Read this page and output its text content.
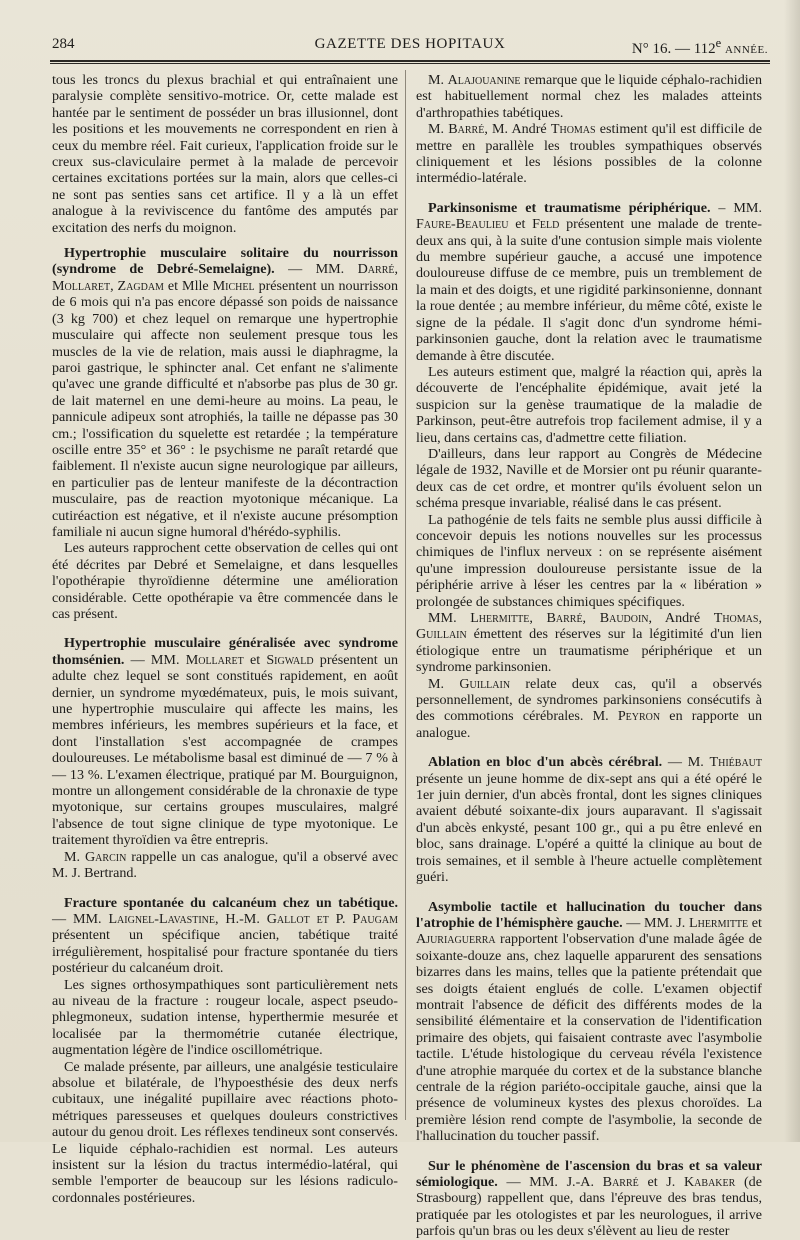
284	GAZETTE DES HOPITAUX	N° 16. — 112e ANNÉE.

tous les troncs du plexus brachial et qui entraînaient une paralysie complète sensitivo-motrice. Or, cette malade est hantée par le sentiment de posséder un bras illusionnel, dont les positions et les mouvements ne correspondent en rien à ceux du membre réel. Fait curieux, l'application froide sur le creux sus-claviculaire permet à la malade de percevoir certaines excitations portées sur la main, alors que celles-ci ne sont pas senties sans cet artifice. Il y a là un effet analogue à la reviviscence du fantôme des amputés par excitation des nerfs du moignon.

Hypertrophie musculaire solitaire du nourrisson (syndrome de Debré-Semelaigne). — MM. Darré, Mollaret, Zagdam et Mlle Michel présentent un nourrisson de 6 mois qui n'a pas encore dépassé son poids de naissance (3 kg 700) et chez lequel on remarque une hypertrophie musculaire qui affecte non seulement presque tous les muscles de la vie de relation, mais aussi le diaphragme, la paroi gastrique, le sphincter anal. Cet enfant ne s'alimente qu'avec une grande difficulté et n'absorbe pas plus de 30 gr. de lait maternel en une demi-heure au moins. La peau, le pannicule adipeux sont atrophiés, la taille ne dépasse pas 30 cm.; l'ossification du squelette est retardée ; la température oscille entre 35° et 36° : le psychisme ne paraît retardé que faiblement. Il n'existe aucun signe neurologique par ailleurs, en particulier pas de lenteur manifeste de la décontraction musculaire, pas de reaction myotonique mécanique. La cutiréaction est négative, et il n'existe aucune présomption familiale ni aucun signe humoral d'hérédo-syphilis.

Les auteurs rapprochent cette observation de celles qui ont été décrites par Debré et Semelaigne, et dans lesquelles l'opothérapie thyroïdienne détermine une amélioration considérable. Cette opothérapie va être commencée dans le cas présent.

Hypertrophie musculaire généralisée avec syndrome thomsénien. — MM. Mollaret et Sigwald présentent un adulte chez lequel se sont constitués rapidement, en août dernier, un syndrome myœdémateux, puis, le mois suivant, une hypertrophie musculaire qui affecte les mains, les membres inférieurs, les membres supérieurs et la face, et dont l'installation s'est accompagnée de crampes douloureuses. Le métabolisme basal est diminué de — 7 % à — 13 %. L'examen électrique, pratiqué par M. Bourguignon, montre un allongement considérable de la chronaxie de type myotonique, sur certains groupes musculaires, malgré l'absence de tout signe clinique de type myotonique. Le traitement thyroïdien va être entrepris.

M. Garcin rappelle un cas analogue, qu'il a observé avec M. J. Bertrand.

Fracture spontanée du calcanéum chez un tabétique. — MM. Laignel-Lavastine, H.-M. Gallot et P. Paugam présentent un spécifique ancien, tabétique traité irrégulièrement, hospitalisé pour fracture spontanée du tiers postérieur du calcanéum droit.

Les signes orthosympathiques sont particulièrement nets au niveau de la fracture : rougeur locale, aspect pseudo-phlegmoneux, sudation intense, hyperthermie mesurée et localisée par la thermométrie cutanée électrique, augmentation légère de l'indice oscillométrique.

Ce malade présente, par ailleurs, une analgésie testiculaire absolue et bilatérale, de l'hypoesthésie des deux nerfs cubitaux, une inégalité pupillaire avec réactions photo-métriques paresseuses et quelques douleurs constrictives autour du genou droit. Les réflexes tendineux sont conservés. Le liquide céphalo-rachidien est normal. Les auteurs insistent sur la lésion du tractus intermédio-latéral, qui semble l'emporter de beaucoup sur les lésions radiculo-cordonnales postérieures.

M. Alajouanine remarque que le liquide céphalo-rachidien est habituellement normal chez les malades atteints d'arthropathies tabétiques.

M. Barré, M. André Thomas estiment qu'il est difficile de mettre en parallèle les troubles sympathiques observés cliniquement et les lésions possibles de la colonne intermédio-latérale.

Parkinsonisme et traumatisme périphérique. – MM. Faure-Beaulieu et Feld présentent une malade de trente-deux ans qui, à la suite d'une contusion simple mais violente du membre supérieur gauche, a accusé une impotence douloureuse diffuse de ce membre, puis un tremblement de la main et des doigts, et une rigidité parkinsonienne, donnant la roue dentée ; au membre inférieur, du même côté, existe le signe de la pédale. Il s'agit donc d'un syndrome hémi-parkinsonien gauche, dont la relation avec le traumatisme demande à être discutée.

Les auteurs estiment que, malgré la réaction qui, après la découverte de l'encéphalite épidémique, avait jeté la suspicion sur la genèse traumatique de la maladie de Parkinson, peut-être autrefois trop facilement admise, il y a lieu, dans certains cas, d'admettre cette filiation.

D'ailleurs, dans leur rapport au Congrès de Médecine légale de 1932, Naville et de Morsier ont pu réunir quarante-deux cas de cet ordre, et montrer qu'ils évoluent selon un schéma presque invariable, réalisé dans le cas présent.

La pathogénie de tels faits ne semble plus aussi difficile à concevoir depuis les notions nouvelles sur les processus chimiques de l'influx nerveux : on se représente aisément qu'une impression douloureuse persistante issue de la périphérie arrive à léser les centres par la « libération » prolongée de substances chimiques spécifiques.

MM. Lhermitte, Barré, Baudoin, André Thomas, Guillain émettent des réserves sur la légitimité d'un lien étiologique entre un traumatisme périphérique et un syndrome parkinsonien.

M. Guillain relate deux cas, qu'il a observés personnellement, de syndromes parkinsoniens consécutifs à des commotions cérébrales. M. Peyron en rapporte un analogue.

Ablation en bloc d'un abcès cérébral. — M. Thiébaut présente un jeune homme de dix-sept ans qui a été opéré le 1er juin dernier, d'un abcès frontal, dont les signes cliniques avaient débuté soixante-dix jours auparavant. Il s'agissait d'un abcès enkysté, pesant 100 gr., qui a pu être enlevé en bloc, sans drainage. L'opéré a quitté la clinique au bout de trois semaines, et il semble à l'heure actuelle complètement guéri.

Asymbolie tactile et hallucination du toucher dans l'atrophie de l'hémisphère gauche. — MM. J. Lhermitte et Ajuriaguerra rapportent l'observation d'une malade âgée de soixante-douze ans, chez laquelle apparurent des sensations bizarres dans les mains, telles que la patiente prétendait que ses doigts étaient englués de colle. L'examen objectif montrait l'absence de déficit des différents modes de la sensibilité élémentaire et la conservation de l'identification primaire des objets, qui faisaient contraste avec l'asymbolie tactile. L'étude histologique du cerveau révéla l'existence d'une atrophie marquée du cortex et de la substance blanche centrale de la région pariéto-occipitale gauche, ainsi que la présence de volumineux kystes des plexus choroïdes. La première lésion rend compte de l'asymbolie, la seconde de l'hallucination du toucher passif.

Sur le phénomène de l'ascension du bras et sa valeur sémiologique. — MM. J.-A. Barré et J. Kabaker (de Strasbourg) rappellent que, dans l'épreuve des bras tendus, pratiquée par les otologistes et par les neurologues, il arrive parfois qu'un bras ou les deux s'élèvent au lieu de rester
